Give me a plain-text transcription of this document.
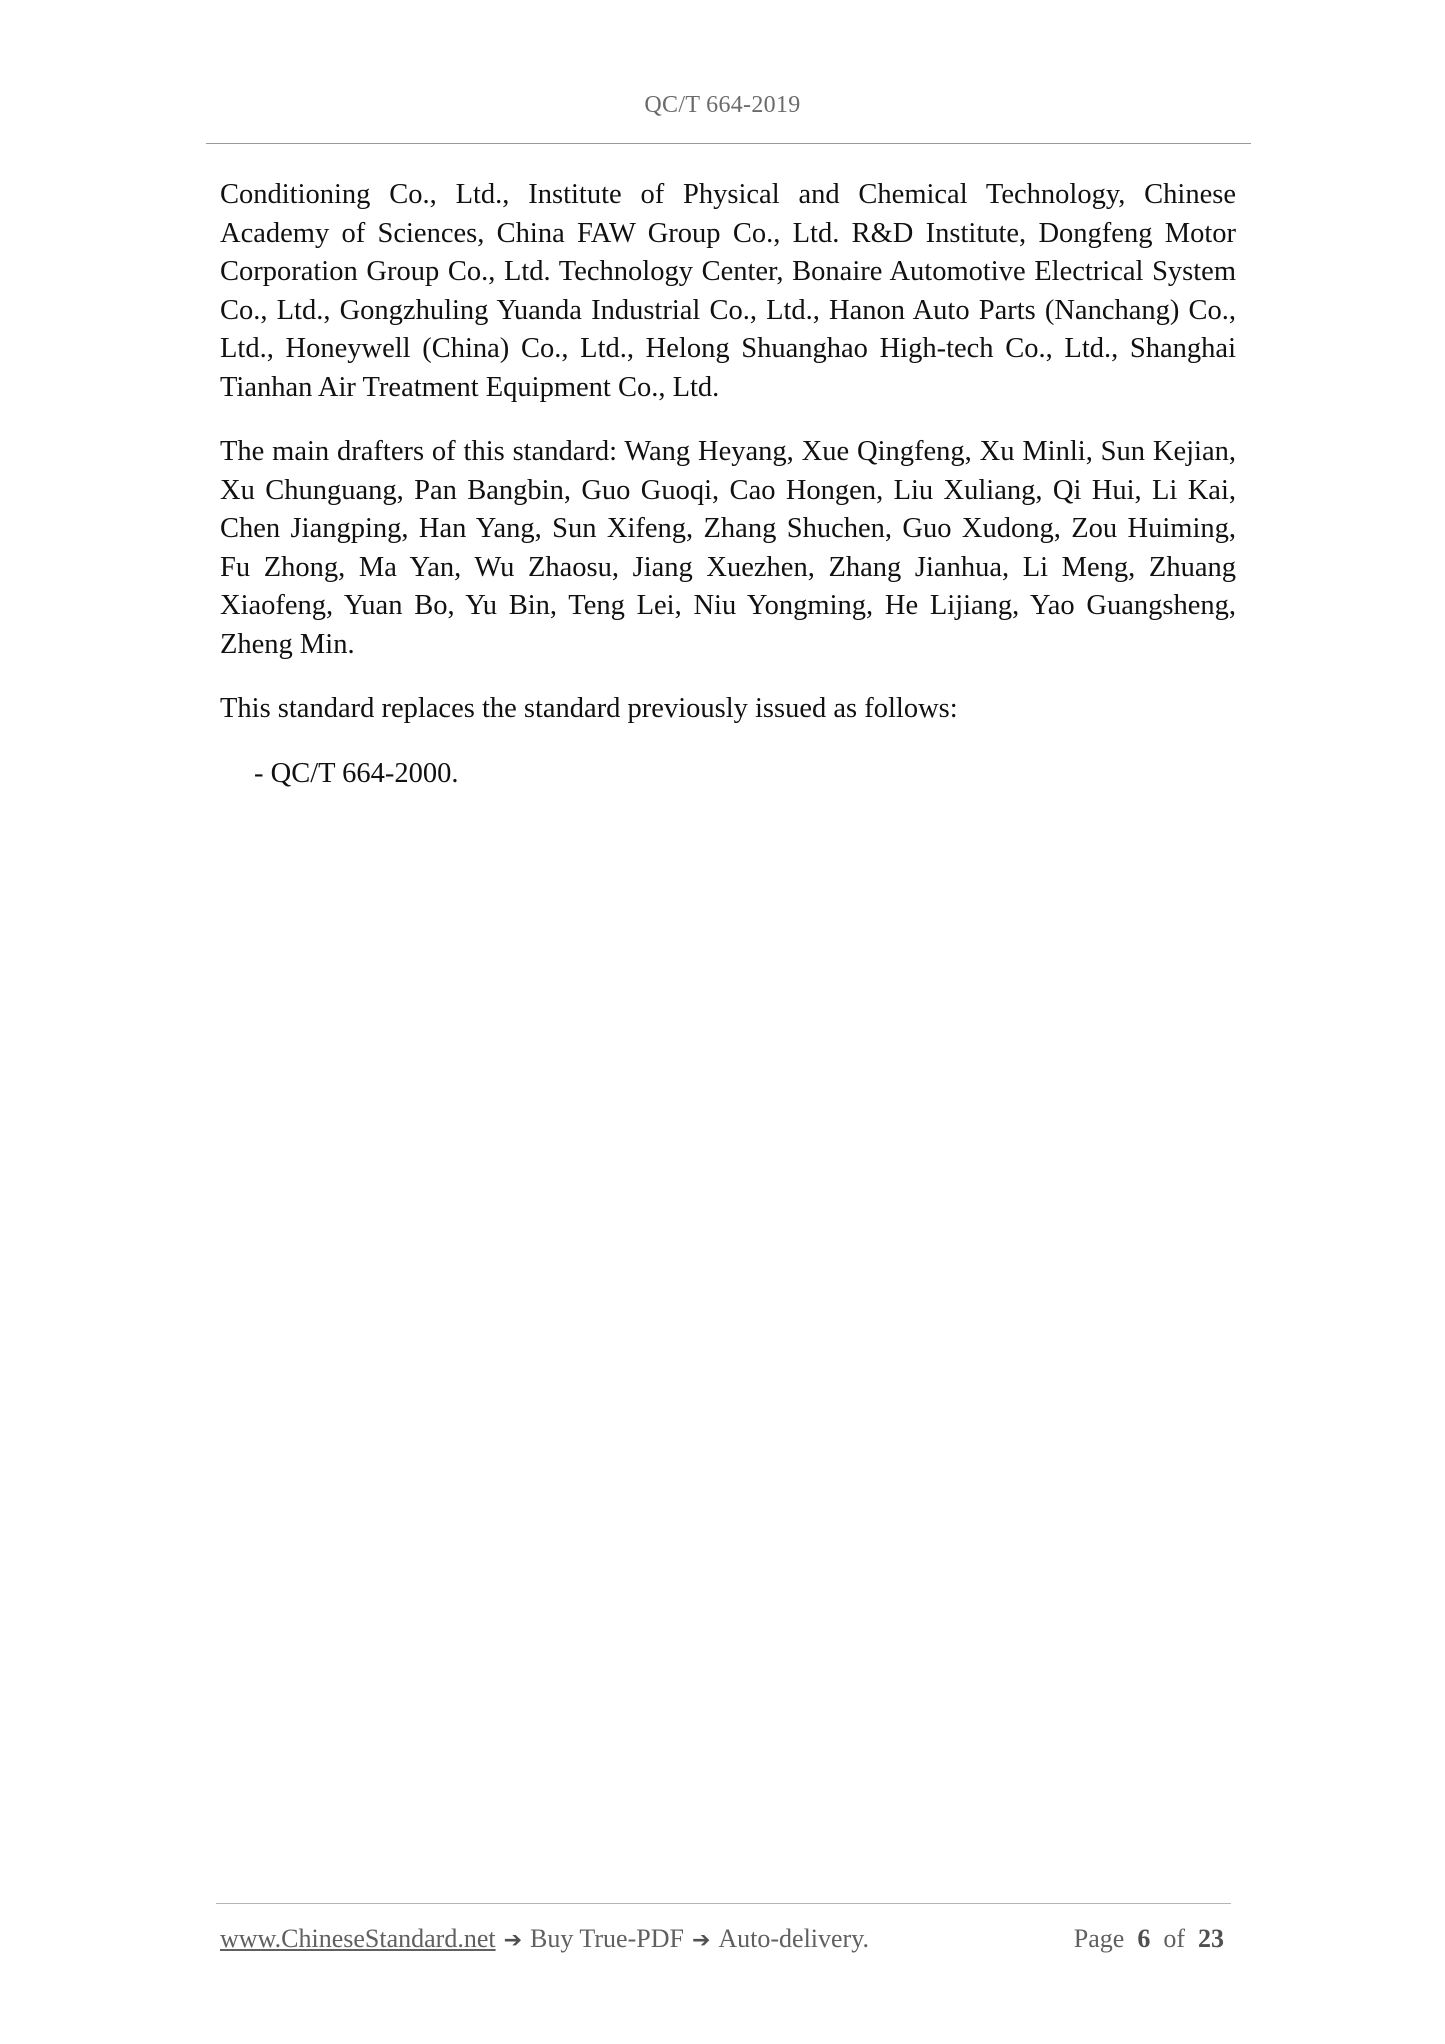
QC/T 664-2019

Conditioning Co., Ltd., Institute of Physical and Chemical Technology, Chinese Academy of Sciences, China FAW Group Co., Ltd. R&D Institute, Dongfeng Motor Corporation Group Co., Ltd. Technology Center, Bonaire Automotive Electrical System Co., Ltd., Gongzhuling Yuanda Industrial Co., Ltd., Hanon Auto Parts (Nanchang) Co., Ltd., Honeywell (China) Co., Ltd., Helong Shuanghao High-tech Co., Ltd., Shanghai Tianhan Air Treatment Equipment Co., Ltd.

The main drafters of this standard: Wang Heyang, Xue Qingfeng, Xu Minli, Sun Kejian, Xu Chunguang, Pan Bangbin, Guo Guoqi, Cao Hongen, Liu Xuliang, Qi Hui, Li Kai, Chen Jiangping, Han Yang, Sun Xifeng, Zhang Shuchen, Guo Xudong, Zou Huiming, Fu Zhong, Ma Yan, Wu Zhaosu, Jiang Xuezhen, Zhang Jianhua, Li Meng, Zhuang Xiaofeng, Yuan Bo, Yu Bin, Teng Lei, Niu Yongming, He Lijiang, Yao Guangsheng, Zheng Min.

This standard replaces the standard previously issued as follows:

- QC/T 664-2000.

www.ChineseStandard.net ➔ Buy True-PDF ➔ Auto-delivery.	Page 6 of 23
